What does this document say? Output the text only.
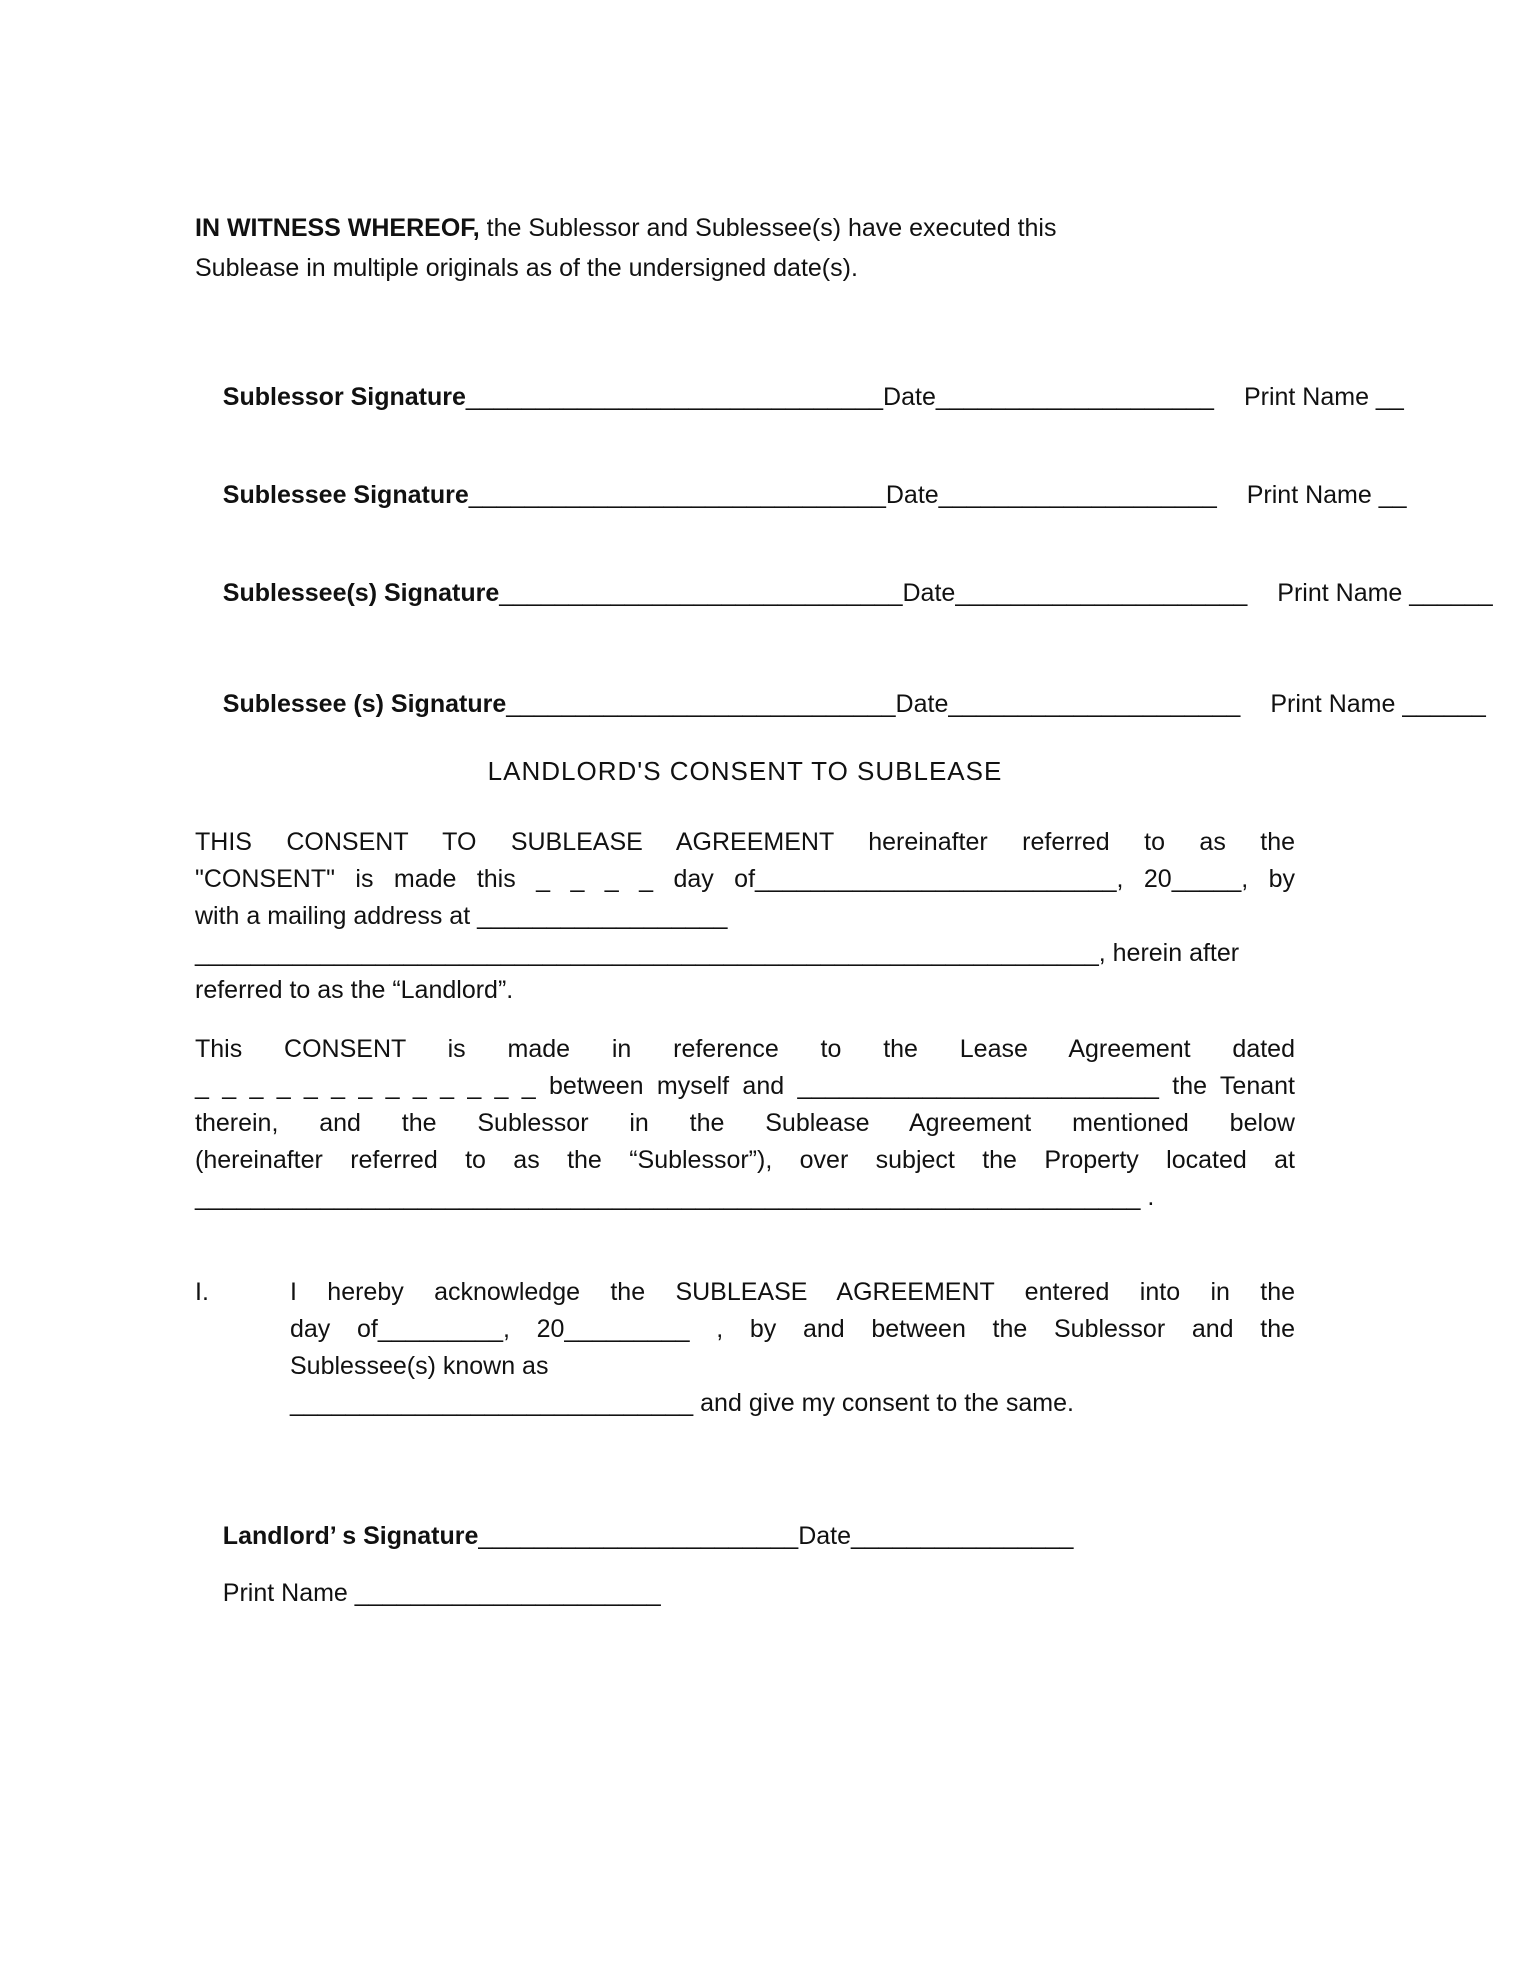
IN WITNESS WHEREOF, the Sublessor and Sublessee(s) have executed this
Sublease in multiple originals as of the undersigned date(s).

Sublessor Signature______________________________Date____________________ Print Name __

Sublessee Signature______________________________Date____________________ Print Name __

Sublessee(s) Signature_____________________________Date_____________________ Print Name ______

Sublessee (s) Signature____________________________Date_____________________ Print Name ______

LANDLORD'S CONSENT TO SUBLEASE
THIS CONSENT TO SUBLEASE AGREEMENT hereinafter referred to as the
"CONSENT" is made this _ _ _ _ day of__________________________, 20_____, by
with a mailing address at __________________
_________________________________________________________________, herein after
referred to as the “Landlord”.
This CONSENT is made in reference to the Lease Agreement dated
_ _ _ _ _ _ _ _ _ _ _ _ _ between myself and __________________________ the Tenant
therein, and the Sublessor in the Sublease Agreement mentioned below
(hereinafter referred to as the “Sublessor”), over subject the Property located at
____________________________________________________________________ .
I.	I hereby acknowledge the SUBLEASE AGREEMENT entered into in the
day of_________, 20_________ , by and between the Sublessor and the
Sublessee(s) known as
_____________________________ and give my consent to the same.

Landlord’ s Signature_______________________Date________________

Print Name ______________________
